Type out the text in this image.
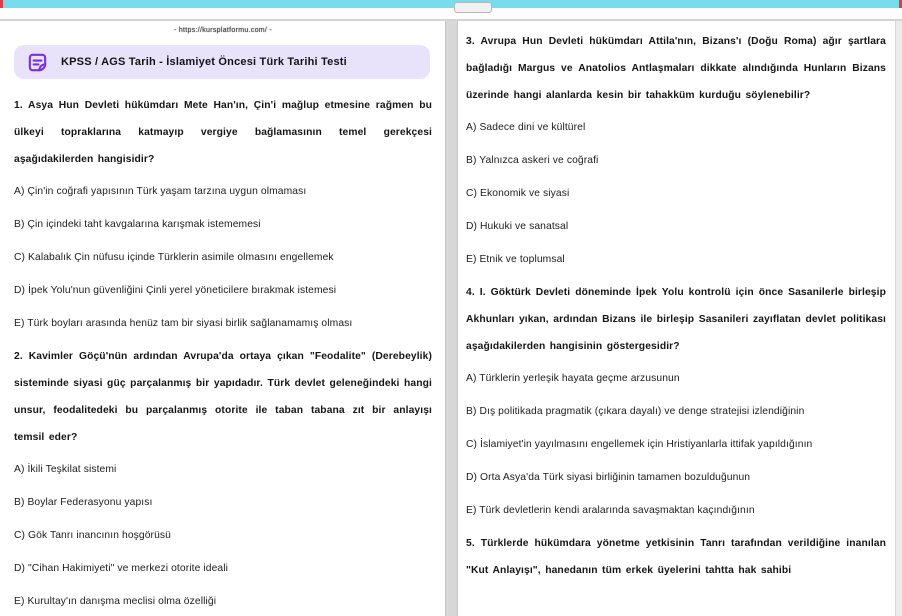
- https://kursplatformu.com/ -
KPSS / AGS Tarih - İslamiyet Öncesi Türk Tarihi Testi

1. Asya Hun Devleti hükümdarı Mete Han'ın, Çin'i mağlup etmesine rağmen bu ülkeyi topraklarına katmayıp vergiye bağlamasının temel gerekçesi aşağıdakilerden hangisidir?

A) Çin'in coğrafi yapısının Türk yaşam tarzına uygun olmaması

B) Çin içindeki taht kavgalarına karışmak istememesi

C) Kalabalık Çin nüfusu içinde Türklerin asimile olmasını engellemek

D) İpek Yolu'nun güvenliğini Çinli yerel yöneticilere bırakmak istemesi

E) Türk boyları arasında henüz tam bir siyasi birlik sağlanamamış olması

2. Kavimler Göçü'nün ardından Avrupa'da ortaya çıkan "Feodalite" (Derebeylik) sisteminde siyasi güç parçalanmış bir yapıdadır. Türk devlet geleneğindeki hangi unsur, feodalitedeki bu parçalanmış otorite ile taban tabana zıt bir anlayışı temsil eder?

A) İkili Teşkilat sistemi

B) Boylar Federasyonu yapısı

C) Gök Tanrı inancının hoşgörüsü

D) "Cihan Hakimiyeti" ve merkezi otorite ideali

E) Kurultay'ın danışma meclisi olma özelliği

3. Avrupa Hun Devleti hükümdarı Attila'nın, Bizans'ı (Doğu Roma) ağır şartlara bağladığı Margus ve Anatolios Antlaşmaları dikkate alındığında Hunların Bizans üzerinde hangi alanlarda kesin bir tahakküm kurduğu söylenebilir?

A) Sadece dini ve kültürel

B) Yalnızca askeri ve coğrafi

C) Ekonomik ve siyasi

D) Hukuki ve sanatsal

E) Etnik ve toplumsal

4. I. Göktürk Devleti döneminde İpek Yolu kontrolü için önce Sasanilerle birleşip Akhunları yıkan, ardından Bizans ile birleşip Sasanileri zayıflatan devlet politikası aşağıdakilerden hangisinin göstergesidir?

A) Türklerin yerleşik hayata geçme arzusunun

B) Dış politikada pragmatik (çıkara dayalı) ve denge stratejisi izlendiğinin

C) İslamiyet'in yayılmasını engellemek için Hristiyanlarla ittifak yapıldığının

D) Orta Asya'da Türk siyasi birliğinin tamamen bozulduğunun

E) Türk devletlerin kendi aralarında savaşmaktan kaçındığının

5. Türklerde hükümdara yönetme yetkisinin Tanrı tarafından verildiğine inanılan "Kut Anlayışı", hanedanın tüm erkek üyelerini tahtta hak sahibi
